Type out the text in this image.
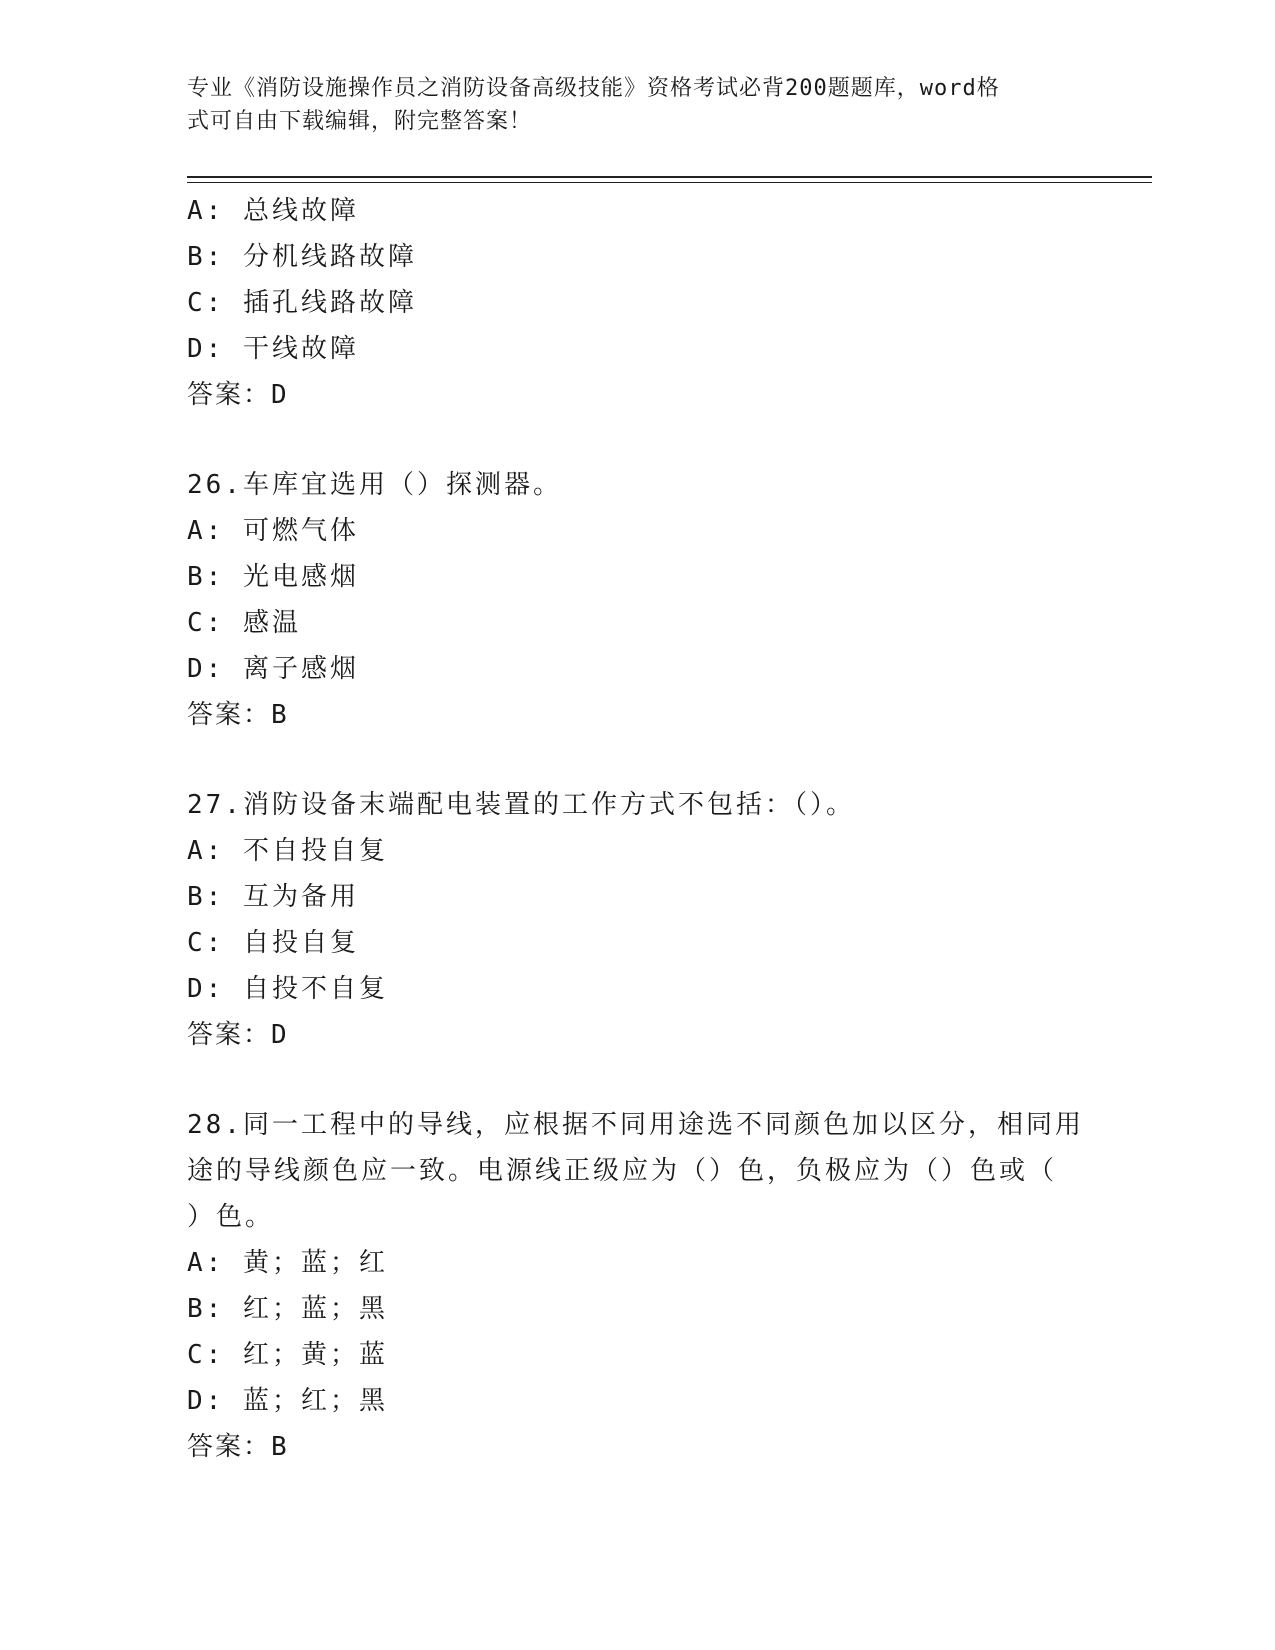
专业《消防设施操作员之消防设备高级技能》资格考试必背200题题库，word格
式可自由下载编辑，附完整答案！
A: 总线故障
B: 分机线路故障
C: 插孔线路故障
D: 干线故障
答案：D
26.车库宜选用（）探测器。
A: 可燃气体
B: 光电感烟
C: 感温
D: 离子感烟
答案：B
27.消防设备末端配电装置的工作方式不包括：（）。
A: 不自投自复
B: 互为备用
C: 自投自复
D: 自投不自复
答案：D
28.同一工程中的导线，应根据不同用途选不同颜色加以区分，相同用
途的导线颜色应一致。电源线正级应为（）色，负极应为（）色或（
）色。
A: 黄；蓝；红
B: 红；蓝；黑
C: 红；黄；蓝
D: 蓝；红；黑
答案：B
